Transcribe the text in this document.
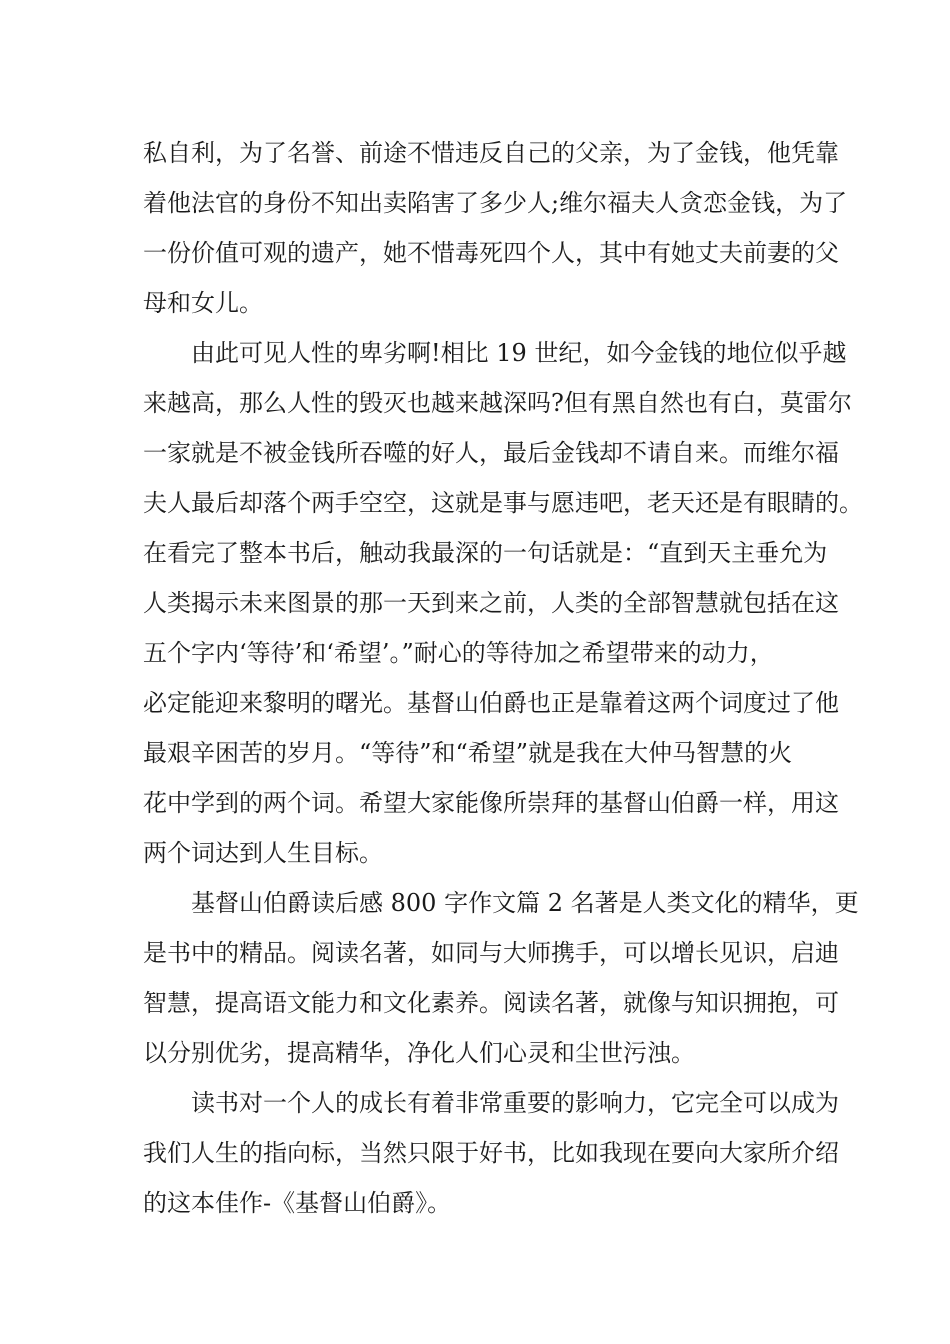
私自利，为了名誉、前途不惜违反自己的父亲，为了金钱，他凭靠
着他法官的身份不知出卖陷害了多少人;维尔福夫人贪恋金钱，为了
一份价值可观的遗产，她不惜毒死四个人，其中有她丈夫前妻的父
母和女儿。
由此可见人性的卑劣啊!相比 19 世纪，如今金钱的地位似乎越
来越高，那么人性的毁灭也越来越深吗?但有黑自然也有白，莫雷尔
一家就是不被金钱所吞噬的好人，最后金钱却不请自来。而维尔福
夫人最后却落个两手空空，这就是事与愿违吧，老天还是有眼睛的。
在看完了整本书后，触动我最深的一句话就是：“直到天主垂允为
人类揭示未来图景的那一天到来之前，人类的全部智慧就包括在这
五个字内‘等待’和‘希望’。”耐心的等待加之希望带来的动力，
必定能迎来黎明的曙光。基督山伯爵也正是靠着这两个词度过了他
最艰辛困苦的岁月。“等待”和“希望”就是我在大仲马智慧的火
花中学到的两个词。希望大家能像所崇拜的基督山伯爵一样，用这
两个词达到人生目标。
基督山伯爵读后感 800 字作文篇 2 名著是人类文化的精华，更
是书中的精品。阅读名著，如同与大师携手，可以增长见识，启迪
智慧，提高语文能力和文化素养。阅读名著，就像与知识拥抱，可
以分别优劣，提高精华，净化人们心灵和尘世污浊。
读书对一个人的成长有着非常重要的影响力，它完全可以成为
我们人生的指向标，当然只限于好书，比如我现在要向大家所介绍
的这本佳作-《基督山伯爵》。
